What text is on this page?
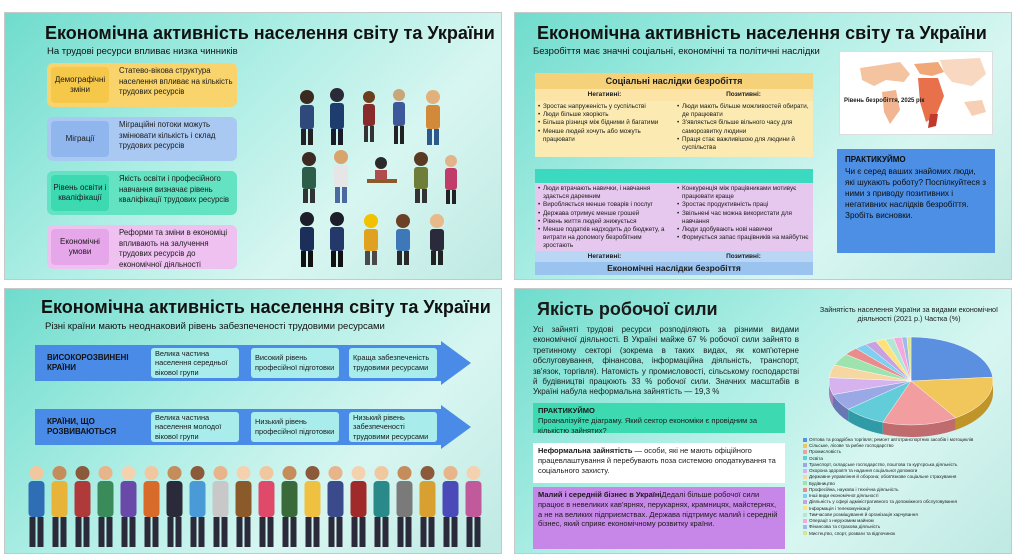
Економічна активність населення світу та України
На трудові ресурси впливає низка чинників
Демографічні зміни
Статево-вікова структура населення впливає на кількість трудових ресурсів
Міграції
Міграційні потоки можуть змінювати кількість і склад трудових ресурсів
Рівень освіти і кваліфікації
Якість освіти і професійного навчання визначає рівень кваліфікації трудових ресурсів
Економічні умови
Реформи та зміни в економіці впливають на залучення трудових ресурсів до економічної діяльності
Економічна активність населення світу та України
Різні країни мають неоднаковий рівень забезпеченості трудовими ресурсами
ВИСОКОРОЗВИНЕНІ КРАЇНИ
Велика частина населення середньої вікової групи
Високий рівень професійної підготовки
Краща забезпеченість трудовими ресурсами
КРАЇНИ, ЩО РОЗВИВАЮТЬСЯ
Велика частина населення молодої вікової групи
Низький рівень професійної підготовки
Низький рівень забезпеченості трудовими ресурсами
Економічна активність населення світу та України
Безробіття має значні соціальні, економічні та політичні наслідки
Соціальні наслідки безробіття
Негативні:	Позитивні:
• Зростає напруженість у суспільстві
• Люди більше хворіють
• Більша різниця між бідними й багатими
• Менше людей хочуть або можуть працювати
• Люди мають більше можливостей обирати, де працювати
• З'являється більше вільного часу для саморозвитку людини
• Праця стає важливішою для людини й суспільства
• Люди втрачають навички, і навчання здається даремним
• Виробляється менше товарів і послуг
• Держава отримує менше грошей
• Рівень життя людей знижується
• Менше податків надходить до бюджету, а витрати на допомогу безробітним зростають
• Конкуренція між працівниками мотивує працювати краще
• Зростає продуктивність праці
• Звільнені час можна використати для навчання
• Люди здобувають нові навички
• Формується запас працівників на майбутнє
Негативні:	Позитивні:
Економічні наслідки безробіття
Рівень безробіття, 2025 рік
ПРАКТИКУЙМО
Чи є серед ваших знайомих люди, які шукають роботу? Поспілкуйтеся з ними з приводу позитивних і негативних наслідків безробіття. Зробіть висновки.
Якість робочої сили
Усі зайняті трудові ресурси розподіляють за різними видами економічної діяльності. В Україні майже 67 % робочої сили зайнято в третинному секторі (зокрема в таких видах, як комп'ютерне обслуговування, фінансова, інформаційна діяльність, транспорт, зв'язок, торгівля). Натомість у промисловості, сільському господарстві й будівництві працюють 33 % робочої сили. Значних масштабів в Україні набула неформальна зайнятість — 19,3 %
ПРАКТИКУЙМО
Проаналізуйте діаграму. Який сектор економіки є провідним за кількістю зайнятих?
Неформальна зайнятість — особи, які не мають офіційного працевлаштування й перебувають поза системою оподаткування та соціального захисту.
Малий і середній бізнес в УкраїніДедалі більше робочої сили працює в невеликих кав'ярнях, перукарнях, крамницях, майстернях, а не на великих підприємствах. Держава підтримує малий і середній бізнес, який сприяє економічному розвитку країни.
Зайнятість населення України за видами економічної діяльності (2021 р.) Частка (%)
Оптова та роздрібна торгівля; ремонт автотранспортних засобів і мотоциклів
Сільське, лісове та рибне господарство
Промисловість
Освіта
Транспорт, складське господарство, поштова та кур'єрська діяльність
Охорона здоров'я та надання соціальної допомоги
Державне управління й оборона; обов'язкове соціальне страхування
Будівництво
Професійна, наукова і технічна діяльність
Інші види економічної діяльності
Діяльність у сфері адміністративного та допоміжного обслуговування
Інформація і телекомунікації
Тимчасове розміщування й організація харчування
Операції з нерухомим майном
Фінансова та страхова діяльність
Мистецтво, спорт, розваги та відпочинок
